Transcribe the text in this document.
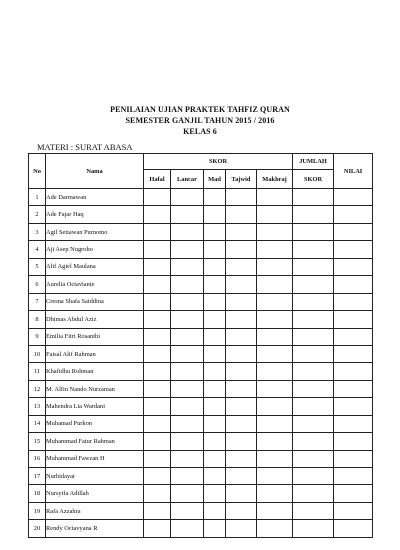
PENILAIAN UJIAN PRAKTEK TAHFIZ QURAN
SEMESTER GANJIL TAHUN 2015 / 2016
KELAS 6
MATERI : SURAT ABASA
No	Nama	SKOR					JUMLAH	NILAI
		Hafal	Lancar	Mad	Tajwid	Makhraj	SKOR	
1	Ade Darmawan							
2	Ade Fajar Haq							
3	Agil Setiawan Purnomo							
4	Aji Asep Nugroho							
5	Alif Agiel Maulana							
6	Aurelia Octavianie							
7	Cresna Shafa Saiddina							
8	Dhimas Abdul Aziz							
9	Emilia Fitri Rosanthi							
10	Faisal Alif Rahman							
11	Khafidhu Rohman							
12	M. Alfin Nando Nurzaman							
13	Mahendra Lia Wardani							
14	Muhamad Purkon							
15	Muhammad Fatur Rahman							
16	Muhammad Fawzan H							
17	Nurhidayat							
18	Nursyifa Adillah							
19	Rafa Azzahra							
20	Rendy Octavyana R							
